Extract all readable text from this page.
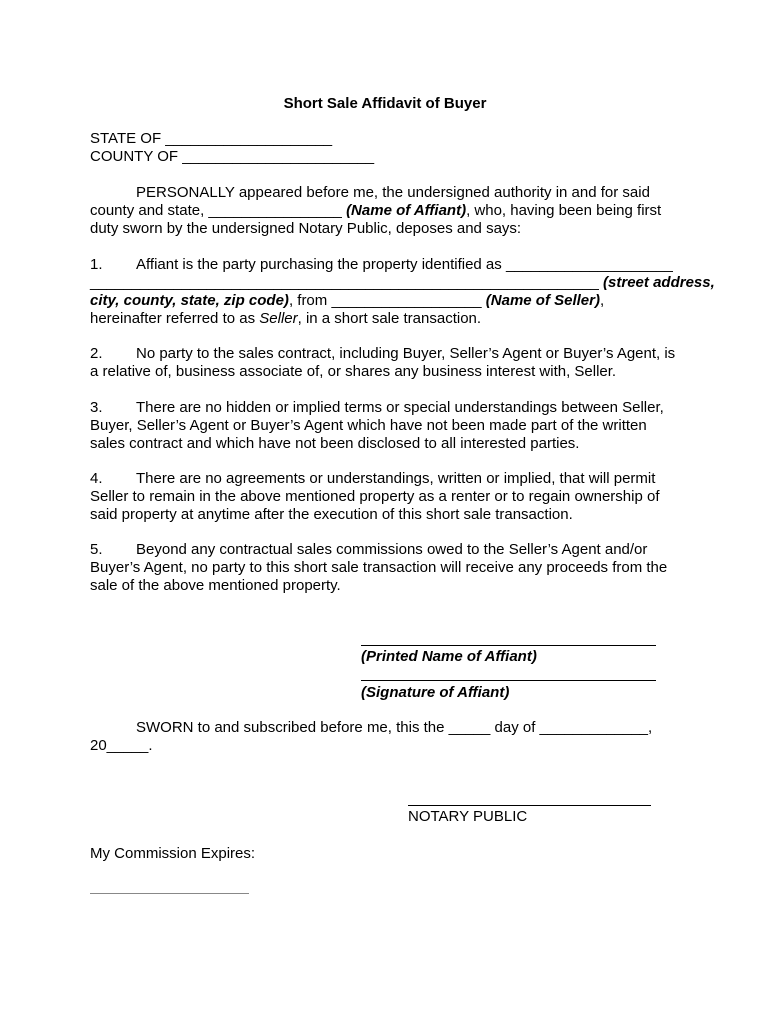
Short Sale Affidavit of Buyer
STATE OF ____________________
COUNTY OF _______________________
PERSONALLY appeared before me, the undersigned authority in and for said county and state, ________________ (Name of Affiant), who, having been being first duty sworn by the undersigned Notary Public, deposes and says:
1. Affiant is the party purchasing the property identified as ____________________
_____________________________________________________________ (street address,
city, county, state, zip code), from __________________ (Name of Seller),
hereinafter referred to as Seller, in a short sale transaction.
2. No party to the sales contract, including Buyer, Seller’s Agent or Buyer’s Agent, is a relative of, business associate of, or shares any business interest with, Seller.
3. There are no hidden or implied terms or special understandings between Seller, Buyer, Seller’s Agent or Buyer’s Agent which have not been made part of the written sales contract and which have not been disclosed to all interested parties.
4. There are no agreements or understandings, written or implied, that will permit Seller to remain in the above mentioned property as a renter or to regain ownership of said property at anytime after the execution of this short sale transaction.
5. Beyond any contractual sales commissions owed to the Seller’s Agent and/or Buyer’s Agent, no party to this short sale transaction will receive any proceeds from the sale of the above mentioned property.
(Printed Name of Affiant)
(Signature of Affiant)
SWORN to and subscribed before me, this the _____ day of _____________,
20_____.
NOTARY PUBLIC
My Commission Expires:
